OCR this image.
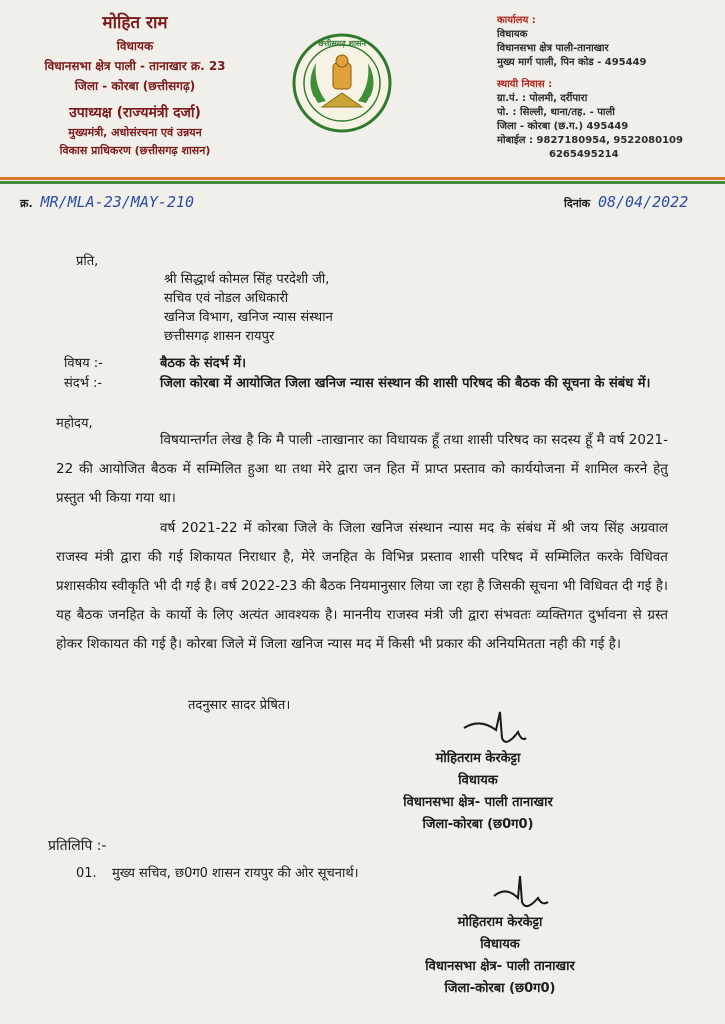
मोहित राम
विधायक
विधानसभा क्षेत्र पाली - तानाखार क्र. 23
जिला - कोरबा (छत्तीसगढ़)
उपाध्यक्ष (राज्यमंत्री दर्जा)
मुख्यमंत्री, अधोसंरचना एवं उन्नयन
विकास प्राधिकरण (छत्तीसगढ़ शासन)
छत्तीसगढ़ शासन
कार्यालय :
विधायक
विधानसभा क्षेत्र पाली-तानाखार
मुख्य मार्ग पाली, पिन कोड - 495449
स्थायी निवास :
ग्रा.पं. : पोलमी, दर्रीपारा
पो. : सिल्ली, थाना/तह. - पाली
जिला - कोरबा (छ.ग.) 495449
मोबाईल : 9827180954, 9522080109
6265495214
क्र. MR/MLA-23/MAY-210	दिनांक 08/04/2022
प्रति,
श्री सिद्धार्थ कोमल सिंह परदेशी जी,
सचिव एवं नोडल अधिकारी
खनिज विभाग, खनिज न्यास संस्थान
छत्तीसगढ़ शासन रायपुर
विषय :-	बैठक के संदर्भ में।
संदर्भ :-	जिला कोरबा में आयोजित जिला खनिज न्यास संस्थान की शासी परिषद की बैठक की सूचना के संबंध में।
महोदय,
विषयान्तर्गत लेख है कि मै पाली -ताखानार का विधायक हूँ तथा शासी परिषद का सदस्य हूँ मै वर्ष 2021-22 की आयोजित बैठक में सम्मिलित हुआ था तथा मेरे द्वारा जन हित में प्राप्त प्रस्ताव को कार्ययोजना में शामिल करने हेतु प्रस्तुत भी किया गया था।
वर्ष 2021-22 में कोरबा जिले के जिला खनिज संस्थान न्यास मद के संबंध में श्री जय सिंह अग्रवाल राजस्व मंत्री द्वारा की गई शिकायत निराधार है, मेरे जनहित के विभिन्न प्रस्ताव शासी परिषद में सम्मिलित करके विधिवत प्रशासकीय स्वीकृति भी दी गई है। वर्ष 2022-23 की बैठक नियमानुसार लिया जा रहा है जिसकी सूचना भी विधिवत दी गई है। यह बैठक जनहित के कार्यो के लिए अत्यंत आवश्यक है। माननीय राजस्व मंत्री जी द्वारा संभवतः व्यक्तिगत दुर्भावना से ग्रस्त होकर शिकायत की गई है। कोरबा जिले में जिला खनिज न्यास मद में किसी भी प्रकार की अनियमितता नही की गई है।
तदनुसार सादर प्रेषित।
मोहितराम केरकेट्टा
विधायक
विधानसभा क्षेत्र- पाली तानाखार
जिला-कोरबा (छ0ग0)
प्रतिलिपि :-
01. मुख्य सचिव, छ0ग0 शासन रायपुर की ओर सूचनार्थ।
मोहितराम केरकेट्टा
विधायक
विधानसभा क्षेत्र- पाली तानाखार
जिला-कोरबा (छ0ग0)
